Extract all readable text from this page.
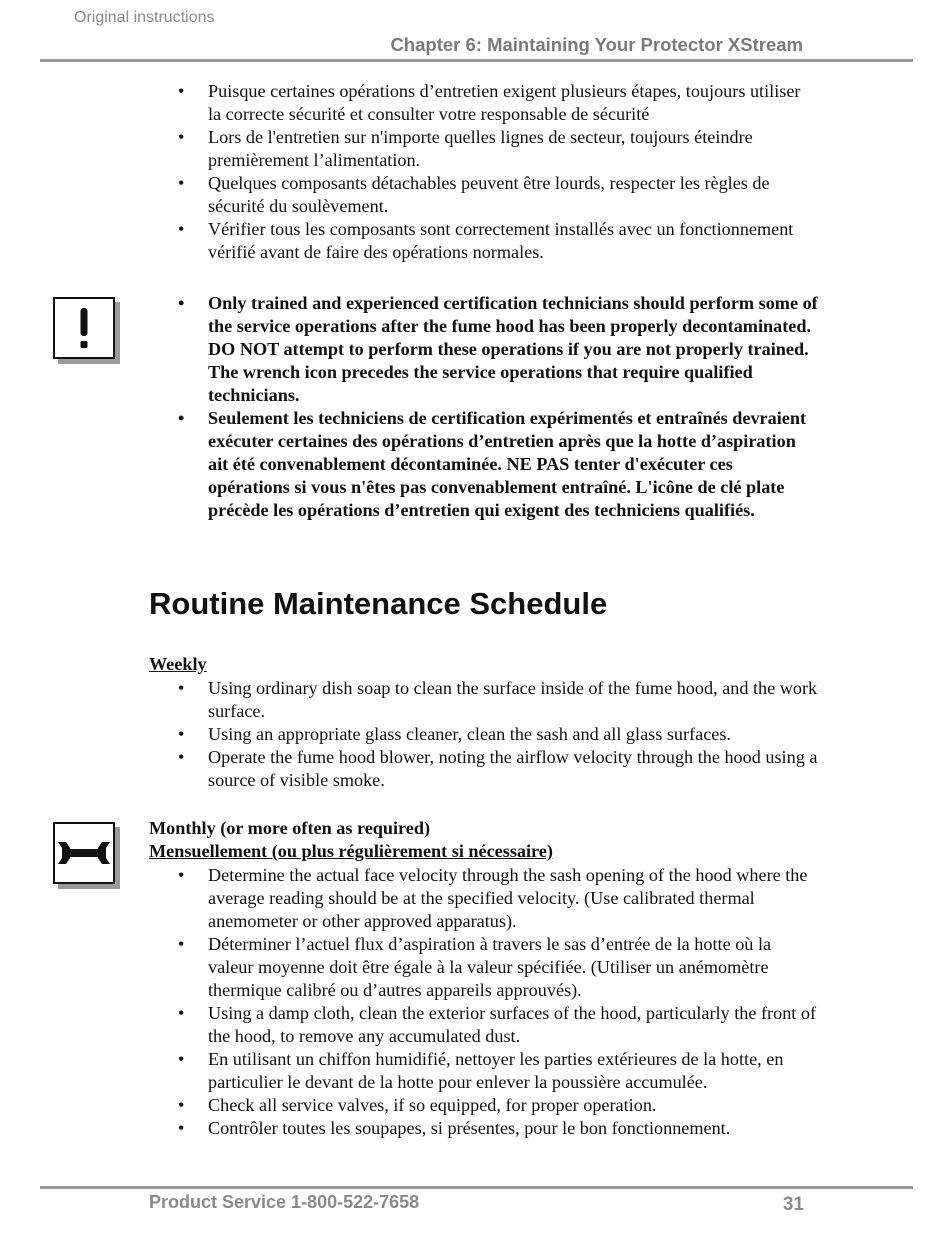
Original instructions
Chapter 6: Maintaining Your Protector XStream
• Puisque certaines opérations d’entretien exigent plusieurs étapes, toujours utiliser la correcte sécurité et consulter votre responsable de sécurité
• Lors de l'entretien sur n'importe quelles lignes de secteur, toujours éteindre premièrement l’alimentation.
• Quelques composants détachables peuvent être lourds, respecter les règles de sécurité du soulèvement.
• Vérifier tous les composants sont correctement installés avec un fonctionnement vérifié avant de faire des opérations normales.
• Only trained and experienced certification technicians should perform some of the service operations after the fume hood has been properly decontaminated. DO NOT attempt to perform these operations if you are not properly trained. The wrench icon precedes the service operations that require qualified technicians.
• Seulement les techniciens de certification expérimentés et entraînés devraient exécuter certaines des opérations d’entretien après que la hotte d’aspiration ait été convenablement décontaminée. NE PAS tenter d'exécuter ces opérations si vous n'êtes pas convenablement entraîné. L'icône de clé plate précède les opérations d’entretien qui exigent des techniciens qualifiés.
Routine Maintenance Schedule
Weekly
• Using ordinary dish soap to clean the surface inside of the fume hood, and the work surface.
• Using an appropriate glass cleaner, clean the sash and all glass surfaces.
• Operate the fume hood blower, noting the airflow velocity through the hood using a source of visible smoke.
Monthly (or more often as required)
Mensuellement (ou plus régulièrement si nécessaire)
• Determine the actual face velocity through the sash opening of the hood where the average reading should be at the specified velocity. (Use calibrated thermal anemometer or other approved apparatus).
• Déterminer l’actuel flux d’aspiration à travers le sas d’entrée de la hotte où la valeur moyenne doit être égale à la valeur spécifiée. (Utiliser un anémomètre thermique calibré ou d’autres appareils approuvés).
• Using a damp cloth, clean the exterior surfaces of the hood, particularly the front of the hood, to remove any accumulated dust.
• En utilisant un chiffon humidifié, nettoyer les parties extérieures de la hotte, en particulier le devant de la hotte pour enlever la poussière accumulée.
• Check all service valves, if so equipped, for proper operation.
• Contrôler toutes les soupapes, si présentes, pour le bon fonctionnement.
Product Service 1-800-522-7658	31
